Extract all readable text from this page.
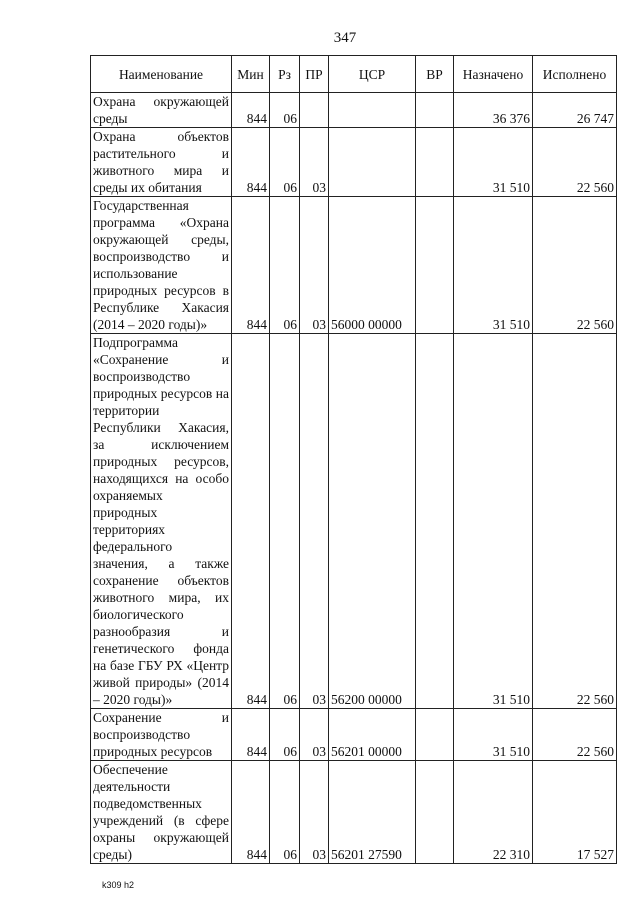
347
Наименование	Мин	Рз	ПР	ЦСР	ВР	Назначено	Исполнено
Охрана окружающей среды	844	06				36 376	26 747
Охрана объектов растительного и животного мира и среды их обитания	844	06	03			31 510	22 560
Государственная программа «Охрана окружающей среды, воспроизводство и использование природных ресурсов в Республике Хакасия (2014 – 2020 годы)»	844	06	03	56000 00000		31 510	22 560
Подпрограмма «Сохранение и воспроизводство природных ресурсов на территории Республики Хакасия, за исключением природных ресурсов, находящихся на особо охраняемых природных территориях федерального значения, а также сохранение объектов животного мира, их биологического разнообразия и генетического фонда на базе ГБУ РХ «Центр живой природы» (2014 – 2020 годы)»	844	06	03	56200 00000		31 510	22 560
Сохранение и воспроизводство природных ресурсов	844	06	03	56201 00000		31 510	22 560
Обеспечение деятельности подведомственных учреждений (в сфере охраны окружающей среды)	844	06	03	56201 27590		22 310	17 527
k309 h2
